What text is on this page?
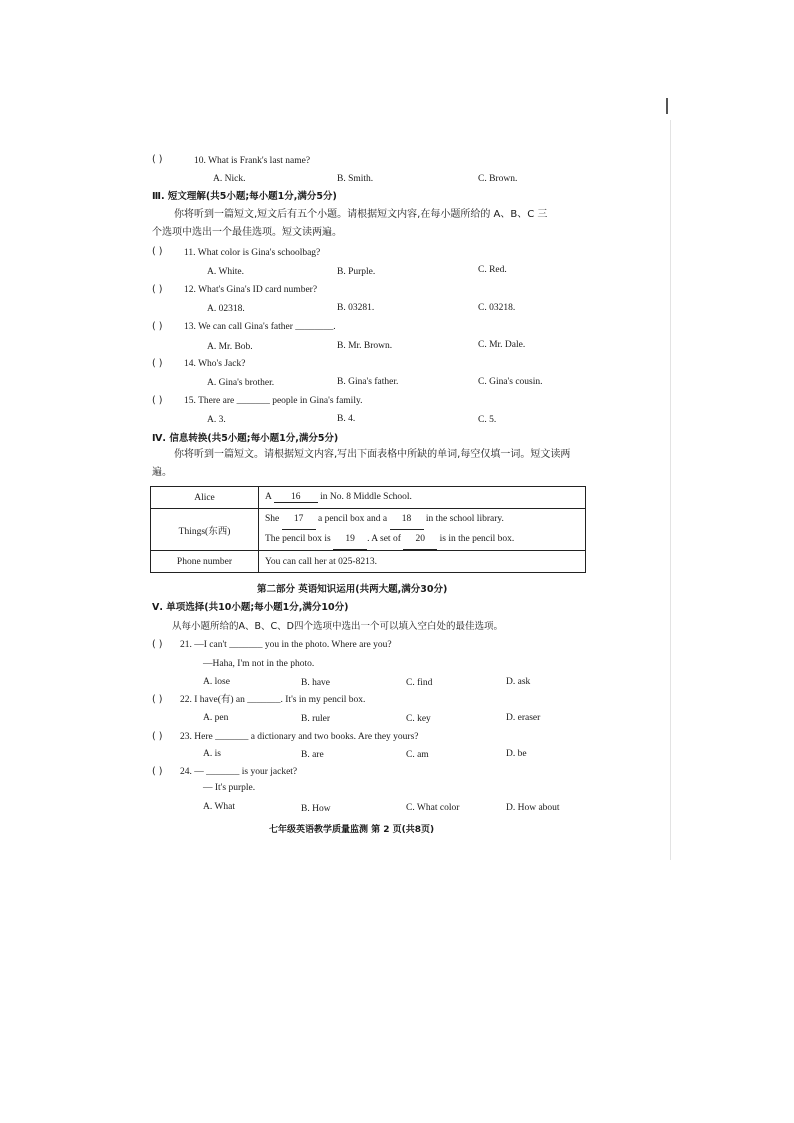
( )	10. What is Frank's last name?
A. Nick.	B. Smith.	C. Brown.
Ⅲ. 短文理解(共5小题;每小题1分,满分5分)
你将听到一篇短文,短文后有五个小题。请根据短文内容,在每小题所给的 A、B、C 三个选项中选出一个最佳选项。短文读两遍。
( ) 11. What color is Gina's schoolbag?
A. White.	B. Purple.	C. Red.
( ) 12. What's Gina's ID card number?
A. 02318.	B. 03281.	C. 03218.
( ) 13. We can call Gina's father ________.
A. Mr. Bob.	B. Mr. Brown.	C. Mr. Dale.
( ) 14. Who's Jack?
A. Gina's brother.	B. Gina's father.	C. Gina's cousin.
( ) 15. There are _______ people in Gina's family.
A. 3.	B. 4.	C. 5.
Ⅳ. 信息转换(共5小题;每小题1分,满分5分)
你将听到一篇短文。请根据短文内容,写出下面表格中所缺的单词,每空仅填一词。短文读两遍。
Alice	A 16 in No. 8 Middle School.
Things(东西)	She 17 a pencil box and a 18 in the school library.
The pencil box is 19 . A set of 20 is in the pencil box.

Phone number	You can call her at 025-8213.
第二部分 英语知识运用(共两大题,满分30分)
Ⅴ. 单项选择(共10小题;每小题1分,满分10分)
从每小题所给的A、B、C、D四个选项中选出一个可以填入空白处的最佳选项。
( ) 21. —I can't _______ you in the photo. Where are you?
—Haha, I'm not in the photo.
A. lose	B. have	C. find	D. ask
( ) 22. I have(有) an _______. It's in my pencil box.
A. pen	B. ruler	C. key	D. eraser
( ) 23. Here _______ a dictionary and two books. Are they yours?
A. is	B. are	C. am	D. be
( ) 24. — _______ is your jacket?
— It's purple.
A. What	B. How	C. What color	D. How about
七年级英语教学质量监测 第 2 页(共8页)
